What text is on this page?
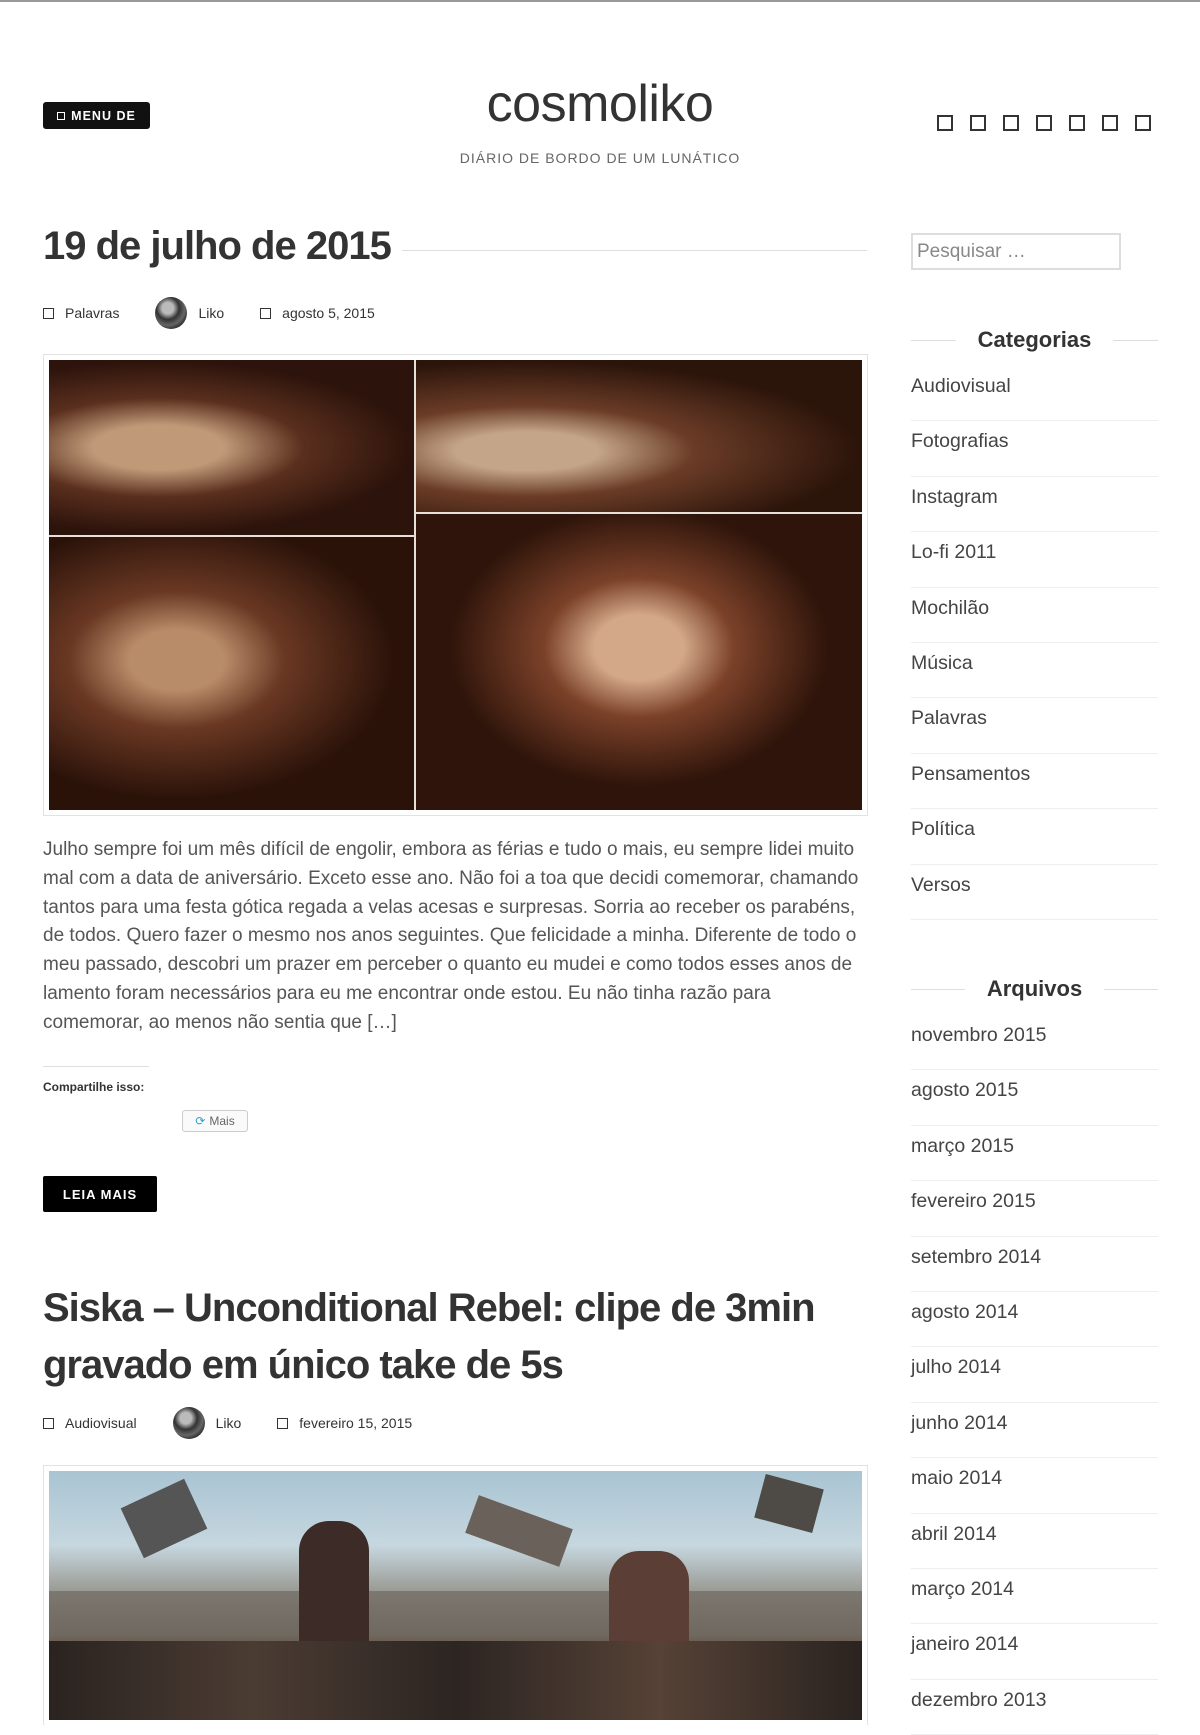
MENU DE	cosmoliko
DIÁRIO DE BORDO DE UM LUNÁTICO
19 de julho de 2015
Palavras	Liko	agosto 5, 2015
Julho sempre foi um mês difícil de engolir, embora as férias e tudo o mais, eu sempre lidei muito mal com a data de aniversário. Exceto esse ano. Não foi a toa que decidi comemorar, chamando tantos para uma festa gótica regada a velas acesas e surpresas. Sorria ao receber os parabéns, de todos. Quero fazer o mesmo nos anos seguintes. Que felicidade a minha. Diferente de todo o meu passado, descobri um prazer em perceber o quanto eu mudei e como todos esses anos de lamento foram necessários para eu me encontrar onde estou. Eu não tinha razão para comemorar, ao menos não sentia que […]
Compartilhe isso:
⟳ Mais
LEIA MAIS
Siska – Unconditional Rebel: clipe de 3min
gravado em único take de 5s
Audiovisual	Liko	fevereiro 15, 2015
Pesquisar …
Categorias
Audiovisual
Fotografias
Instagram
Lo-fi 2011
Mochilão
Música
Palavras
Pensamentos
Política
Versos
Arquivos
novembro 2015
agosto 2015
março 2015
fevereiro 2015
setembro 2014
agosto 2014
julho 2014
junho 2014
maio 2014
abril 2014
março 2014
janeiro 2014
dezembro 2013
